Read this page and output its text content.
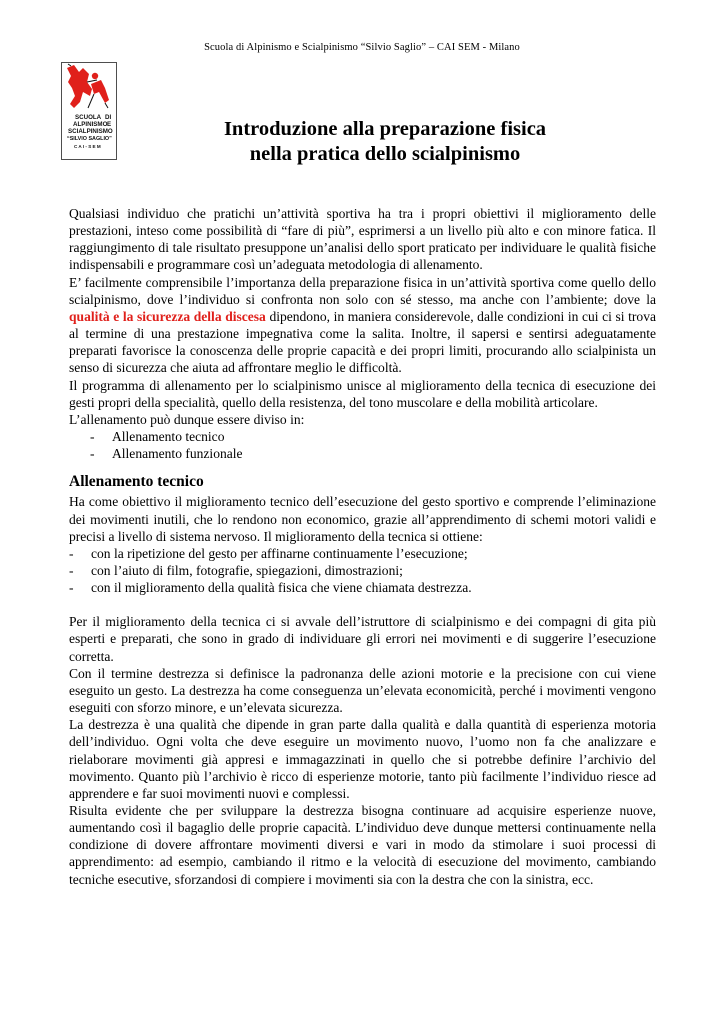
Scuola di Alpinismo e Scialpinismo “Silvio Saglio” – CAI SEM - Milano
SCUOLA DI
ALPINISMO E
SCIALPINISMO
“SILVIO SAGLIO”
C A I - S E M
Introduzione alla preparazione fisica
nella pratica dello scialpinismo

Qualsiasi individuo che pratichi un’attività sportiva ha tra i propri obiettivi il miglioramento delle prestazioni, inteso come possibilità di “fare di più”, esprimersi a un livello più alto e con minore fatica. Il raggiungimento di tale risultato presuppone un’analisi dello sport praticato per individuare le qualità fisiche indispensabili e programmare così un’adeguata metodologia di allenamento.

E’ facilmente comprensibile l’importanza della preparazione fisica in un’attività sportiva come quello dello scialpinismo, dove l’individuo si confronta non solo con sé stesso, ma anche con l’ambiente; dove la qualità e la sicurezza della discesa dipendono, in maniera considerevole, dalle condizioni in cui ci si trova al termine di una prestazione impegnativa come la salita. Inoltre, il sapersi e sentirsi adeguatamente preparati favorisce la conoscenza delle proprie capacità e dei propri limiti, procurando allo scialpinista un senso di sicurezza che aiuta ad affrontare meglio le difficoltà.

Il programma di allenamento per lo scialpinismo unisce al miglioramento della tecnica di esecuzione dei gesti propri della specialità, quello della resistenza, del tono muscolare e della mobilità articolare.

L’allenamento può dunque essere diviso in:

-	Allenamento tecnico
-	Allenamento funzionale
Allenamento tecnico

Ha come obiettivo il miglioramento tecnico dell’esecuzione del gesto sportivo e comprende l’eliminazione dei movimenti inutili, che lo rendono non economico, grazie all’apprendimento di schemi motori validi e precisi a livello di sistema nervoso. Il miglioramento della tecnica si ottiene:

-	con la ripetizione del gesto per affinarne continuamente l’esecuzione;
-	con l’aiuto di film, fotografie, spiegazioni, dimostrazioni;
-	con il miglioramento della qualità fisica che viene chiamata destrezza.

Per il miglioramento della tecnica ci si avvale dell’istruttore di scialpinismo e dei compagni di gita più esperti e preparati, che sono in grado di individuare gli errori nei movimenti e di suggerire l’esecuzione corretta.

Con il termine destrezza si definisce la padronanza delle azioni motorie e la precisione con cui viene eseguito un gesto. La destrezza ha come conseguenza un’elevata economicità, perché i movimenti vengono eseguiti con sforzo minore, e un’elevata sicurezza.

La destrezza è una qualità che dipende in gran parte dalla qualità e dalla quantità di esperienza motoria dell’individuo. Ogni volta che deve eseguire un movimento nuovo, l’uomo non fa che analizzare e rielaborare movimenti già appresi e immagazzinati in quello che si potrebbe definire l’archivio del movimento. Quanto più l’archivio è ricco di esperienze motorie, tanto più facilmente l’individuo riesce ad apprendere e far suoi movimenti nuovi e complessi.

Risulta evidente che per sviluppare la destrezza bisogna continuare ad acquisire esperienze nuove, aumentando così il bagaglio delle proprie capacità. L’individuo deve dunque mettersi continuamente nella condizione di dovere affrontare movimenti diversi e vari in modo da stimolare i suoi processi di apprendimento: ad esempio, cambiando il ritmo e la velocità di esecuzione del movimento, cambiando tecniche esecutive, sforzandosi di compiere i movimenti sia con la destra che con la sinistra, ecc.
